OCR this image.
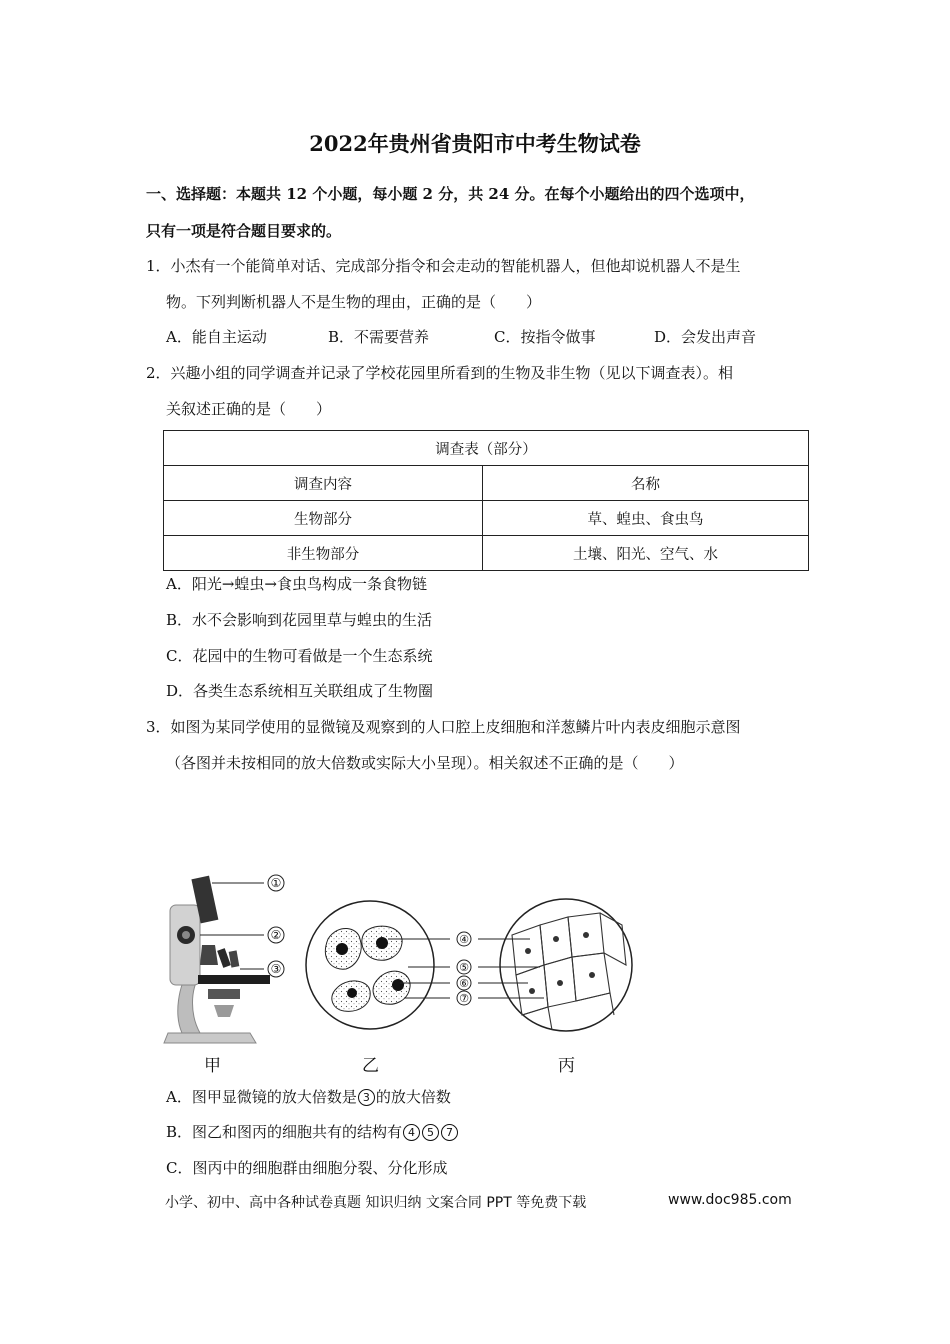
2022年贵州省贵阳市中考生物试卷
一、选择题：本题共 12 个小题，每小题 2 分，共 24 分。在每个小题给出的四个选项中，
只有一项是符合题目要求的。
1．小杰有一个能简单对话、完成部分指令和会走动的智能机器人，但他却说机器人不是生
物。下列判断机器人不是生物的理由，正确的是（　　）
A．能自主运动	B．不需要营养	C．按指令做事	D．会发出声音
2．兴趣小组的同学调查并记录了学校花园里所看到的生物及非生物（见以下调查表）。相
关叙述正确的是（　　）
调查表（部分）	
调查内容	名称
生物部分	草、蝗虫、食虫鸟
非生物部分	土壤、阳光、空气、水
A．阳光→蝗虫→食虫鸟构成一条食物链
B．水不会影响到花园里草与蝗虫的生活
C．花园中的生物可看做是一个生态系统
D．各类生态系统相互关联组成了生物圈
3．如图为某同学使用的显微镜及观察到的人口腔上皮细胞和洋葱鳞片叶内表皮细胞示意图
（各图并未按相同的放大倍数或实际大小呈现）。相关叙述不正确的是（　　）
①
②
③
④
⑤
⑥
⑦
甲	乙	丙
A．图甲显微镜的放大倍数是 3 的放大倍数
B．图乙和图丙的细胞共有的结构有 4 5 7
C．图丙中的细胞群由细胞分裂、分化形成
小学、初中、高中各种试卷真题 知识归纳 文案合同 PPT 等免费下载	www.doc985.com
